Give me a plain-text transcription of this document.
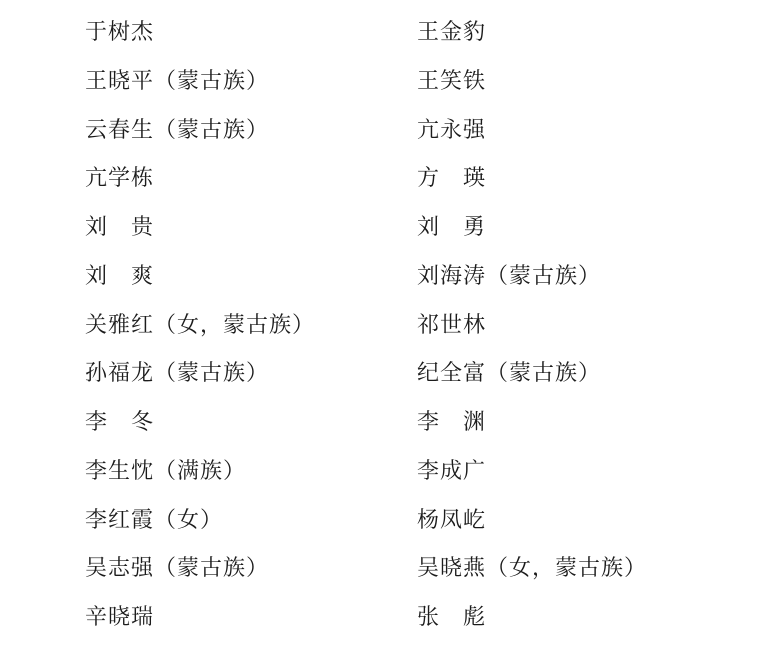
于树杰
王晓平（蒙古族）
云春生（蒙古族）
亢学栋
刘　贵
刘　爽
关雅红（女，蒙古族）
孙福龙（蒙古族）
李　冬
李生忱（满族）
李红霞（女）
吴志强（蒙古族）
辛晓瑞
王金豹
王笑铁
亢永强
方　瑛
刘　勇
刘海涛（蒙古族）
祁世林
纪全富（蒙古族）
李　渊
李成广
杨凤屹
吴晓燕（女，蒙古族）
张　彪
